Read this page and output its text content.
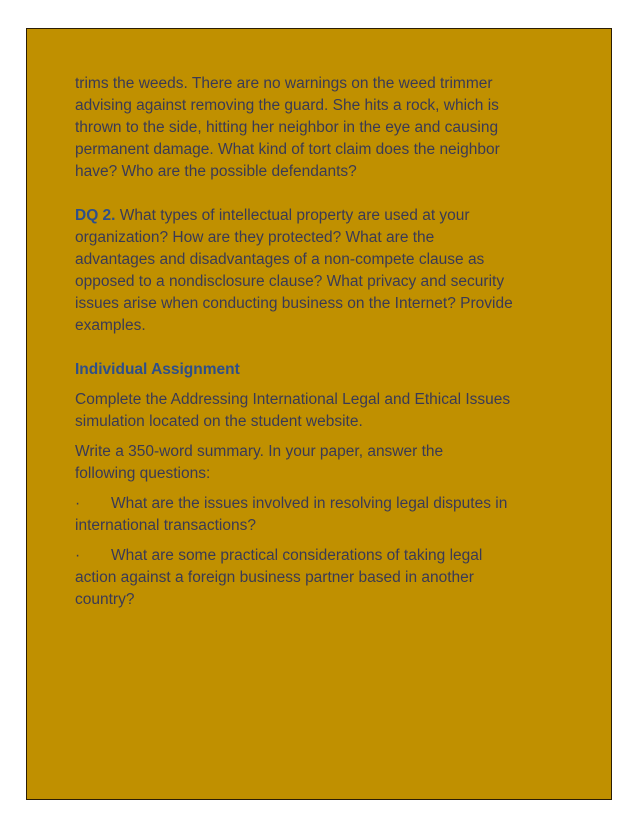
trims the weeds. There are no warnings on the weed trimmer
advising against removing the guard. She hits a rock, which is
thrown to the side, hitting her neighbor in the eye and causing
permanent damage. What kind of tort claim does the neighbor
have? Who are the possible defendants?
DQ 2. What types of intellectual property are used at your
organization? How are they protected? What are the
advantages and disadvantages of a non-compete clause as
opposed to a nondisclosure clause? What privacy and security
issues arise when conducting business on the Internet? Provide
examples.
Individual Assignment
Complete the Addressing International Legal and Ethical Issues
simulation located on the student website.
Write a 350-word summary. In your paper, answer the
following questions:
· What are the issues involved in resolving legal disputes in
international transactions?
· What are some practical considerations of taking legal
action against a foreign business partner based in another
country?
